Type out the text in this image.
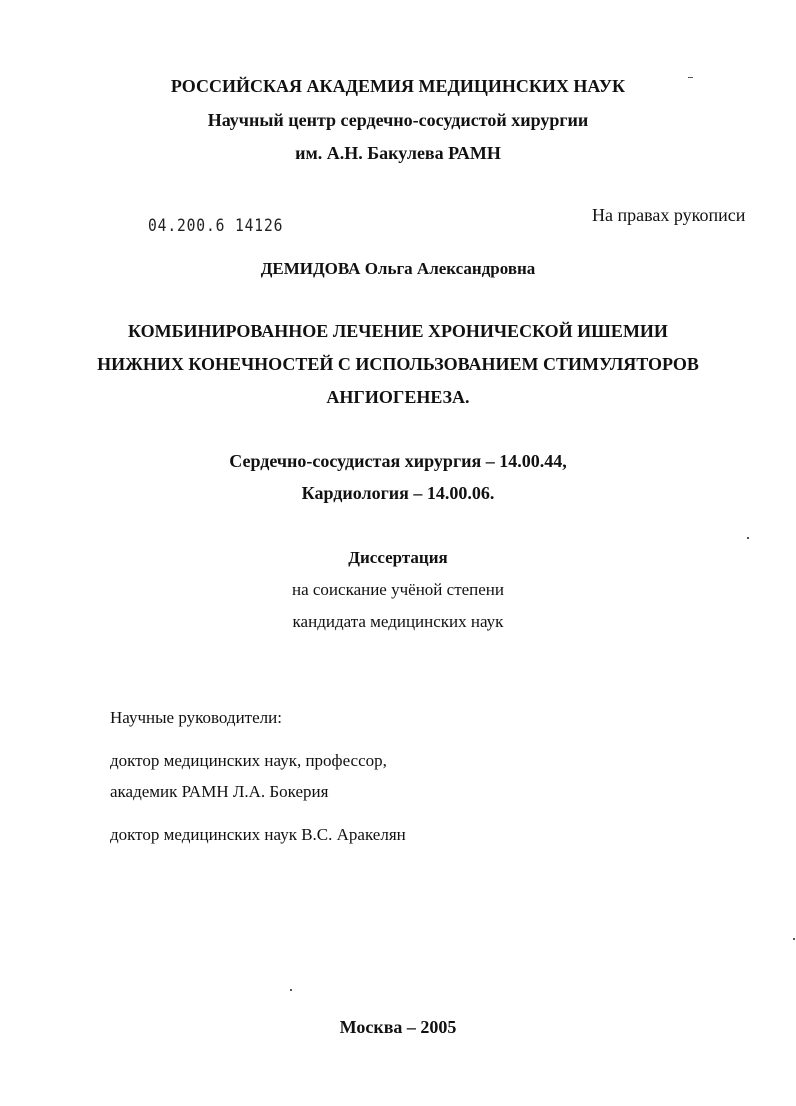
РОССИЙСКАЯ АКАДЕМИЯ МЕДИЦИНСКИХ НАУК
Научный центр сердечно-сосудистой хирургии
им. А.Н. Бакулева РАМН
04.200.6 14126
На правах рукописи
ДЕМИДОВА Ольга Александровна
КОМБИНИРОВАННОЕ ЛЕЧЕНИЕ ХРОНИЧЕСКОЙ ИШЕМИИ
НИЖНИХ КОНЕЧНОСТЕЙ С ИСПОЛЬЗОВАНИЕМ СТИМУЛЯТОРОВ
АНГИОГЕНЕЗА.
Сердечно-сосудистая хирургия – 14.00.44,
Кардиология – 14.00.06.
Диссертация
на соискание учёной степени
кандидата медицинских наук
Научные руководители:
доктор медицинских наук, профессор,
академик РАМН Л.А. Бокерия
доктор медицинских наук В.С. Аракелян
Москва – 2005
